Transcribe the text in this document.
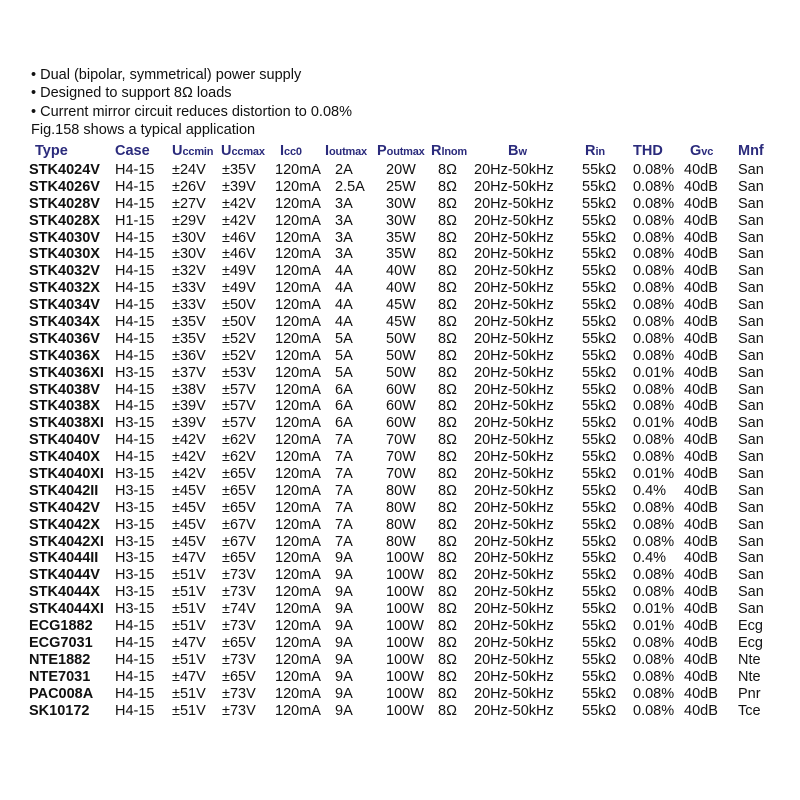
• Dual (bipolar, symmetrical) power supply
• Designed to support 8Ω loads
• Current mirror circuit reduces distortion to 0.08%
Fig.158 shows a typical application
Type	Case Uccmin Uccmax Icc0 Ioutmax Poutmax Rlnom	Bw	Rin THD Gvc Mnf
STK4024V H4-15 ±24V ±35V 120mA 2A 20W 8Ω 20Hz-50kHz 55kΩ 0.08% 40dB San
STK4026V H4-15 ±26V ±39V 120mA 2.5A 25W 8Ω 20Hz-50kHz 55kΩ 0.08% 40dB San
STK4028V H4-15 ±27V ±42V 120mA 3A 30W 8Ω 20Hz-50kHz 55kΩ 0.08% 40dB San
STK4028X H1-15 ±29V ±42V 120mA 3A 30W 8Ω 20Hz-50kHz 55kΩ 0.08% 40dB San
STK4030V H4-15 ±30V ±46V 120mA 3A 35W 8Ω 20Hz-50kHz 55kΩ 0.08% 40dB San
STK4030X H4-15 ±30V ±46V 120mA 3A 35W 8Ω 20Hz-50kHz 55kΩ 0.08% 40dB San
STK4032V H4-15 ±32V ±49V 120mA 4A 40W 8Ω 20Hz-50kHz 55kΩ 0.08% 40dB San
STK4032X H4-15 ±33V ±49V 120mA 4A 40W 8Ω 20Hz-50kHz 55kΩ 0.08% 40dB San
STK4034V H4-15 ±33V ±50V 120mA 4A 45W 8Ω 20Hz-50kHz 55kΩ 0.08% 40dB San
STK4034X H4-15 ±35V ±50V 120mA 4A 45W 8Ω 20Hz-50kHz 55kΩ 0.08% 40dB San
STK4036V H4-15 ±35V ±52V 120mA 5A 50W 8Ω 20Hz-50kHz 55kΩ 0.08% 40dB San
STK4036X H4-15 ±36V ±52V 120mA 5A 50W 8Ω 20Hz-50kHz 55kΩ 0.08% 40dB San
STK4036XI H3-15 ±37V ±53V 120mA 5A 50W 8Ω 20Hz-50kHz 55kΩ 0.01% 40dB San
STK4038V H4-15 ±38V ±57V 120mA 6A 60W 8Ω 20Hz-50kHz 55kΩ 0.08% 40dB San
STK4038X H4-15 ±39V ±57V 120mA 6A 60W 8Ω 20Hz-50kHz 55kΩ 0.08% 40dB San
STK4038XI H3-15 ±39V ±57V 120mA 6A 60W 8Ω 20Hz-50kHz 55kΩ 0.01% 40dB San
STK4040V H4-15 ±42V ±62V 120mA 7A 70W 8Ω 20Hz-50kHz 55kΩ 0.08% 40dB San
STK4040X H4-15 ±42V ±62V 120mA 7A 70W 8Ω 20Hz-50kHz 55kΩ 0.08% 40dB San
STK4040XI H3-15 ±42V ±65V 120mA 7A 70W 8Ω 20Hz-50kHz 55kΩ 0.01% 40dB San
STK4042II H3-15 ±45V ±65V 120mA 7A 80W 8Ω 20Hz-50kHz 55kΩ 0.4% 40dB San
STK4042V H3-15 ±45V ±65V 120mA 7A 80W 8Ω 20Hz-50kHz 55kΩ 0.08% 40dB San
STK4042X H3-15 ±45V ±67V 120mA 7A 80W 8Ω 20Hz-50kHz 55kΩ 0.08% 40dB San
STK4042XI H3-15 ±45V ±67V 120mA 7A 80W 8Ω 20Hz-50kHz 55kΩ 0.08% 40dB San
STK4044II H3-15 ±47V ±65V 120mA 9A 100W 8Ω 20Hz-50kHz 55kΩ 0.4% 40dB San
STK4044V H3-15 ±51V ±73V 120mA 9A 100W 8Ω 20Hz-50kHz 55kΩ 0.08% 40dB San
STK4044X H3-15 ±51V ±73V 120mA 9A 100W 8Ω 20Hz-50kHz 55kΩ 0.08% 40dB San
STK4044XI H3-15 ±51V ±74V 120mA 9A 100W 8Ω 20Hz-50kHz 55kΩ 0.01% 40dB San
ECG1882 H4-15 ±51V ±73V 120mA 9A 100W 8Ω 20Hz-50kHz 55kΩ 0.01% 40dB Ecg
ECG7031 H4-15 ±47V ±65V 120mA 9A 100W 8Ω 20Hz-50kHz 55kΩ 0.08% 40dB Ecg
NTE1882 H4-15 ±51V ±73V 120mA 9A 100W 8Ω 20Hz-50kHz 55kΩ 0.08% 40dB Nte
NTE7031 H4-15 ±47V ±65V 120mA 9A 100W 8Ω 20Hz-50kHz 55kΩ 0.08% 40dB Nte
PAC008A H4-15 ±51V ±73V 120mA 9A 100W 8Ω 20Hz-50kHz 55kΩ 0.08% 40dB Pnr
SK10172 H4-15 ±51V ±73V 120mA 9A 100W 8Ω 20Hz-50kHz 55kΩ 0.08% 40dB Tce
